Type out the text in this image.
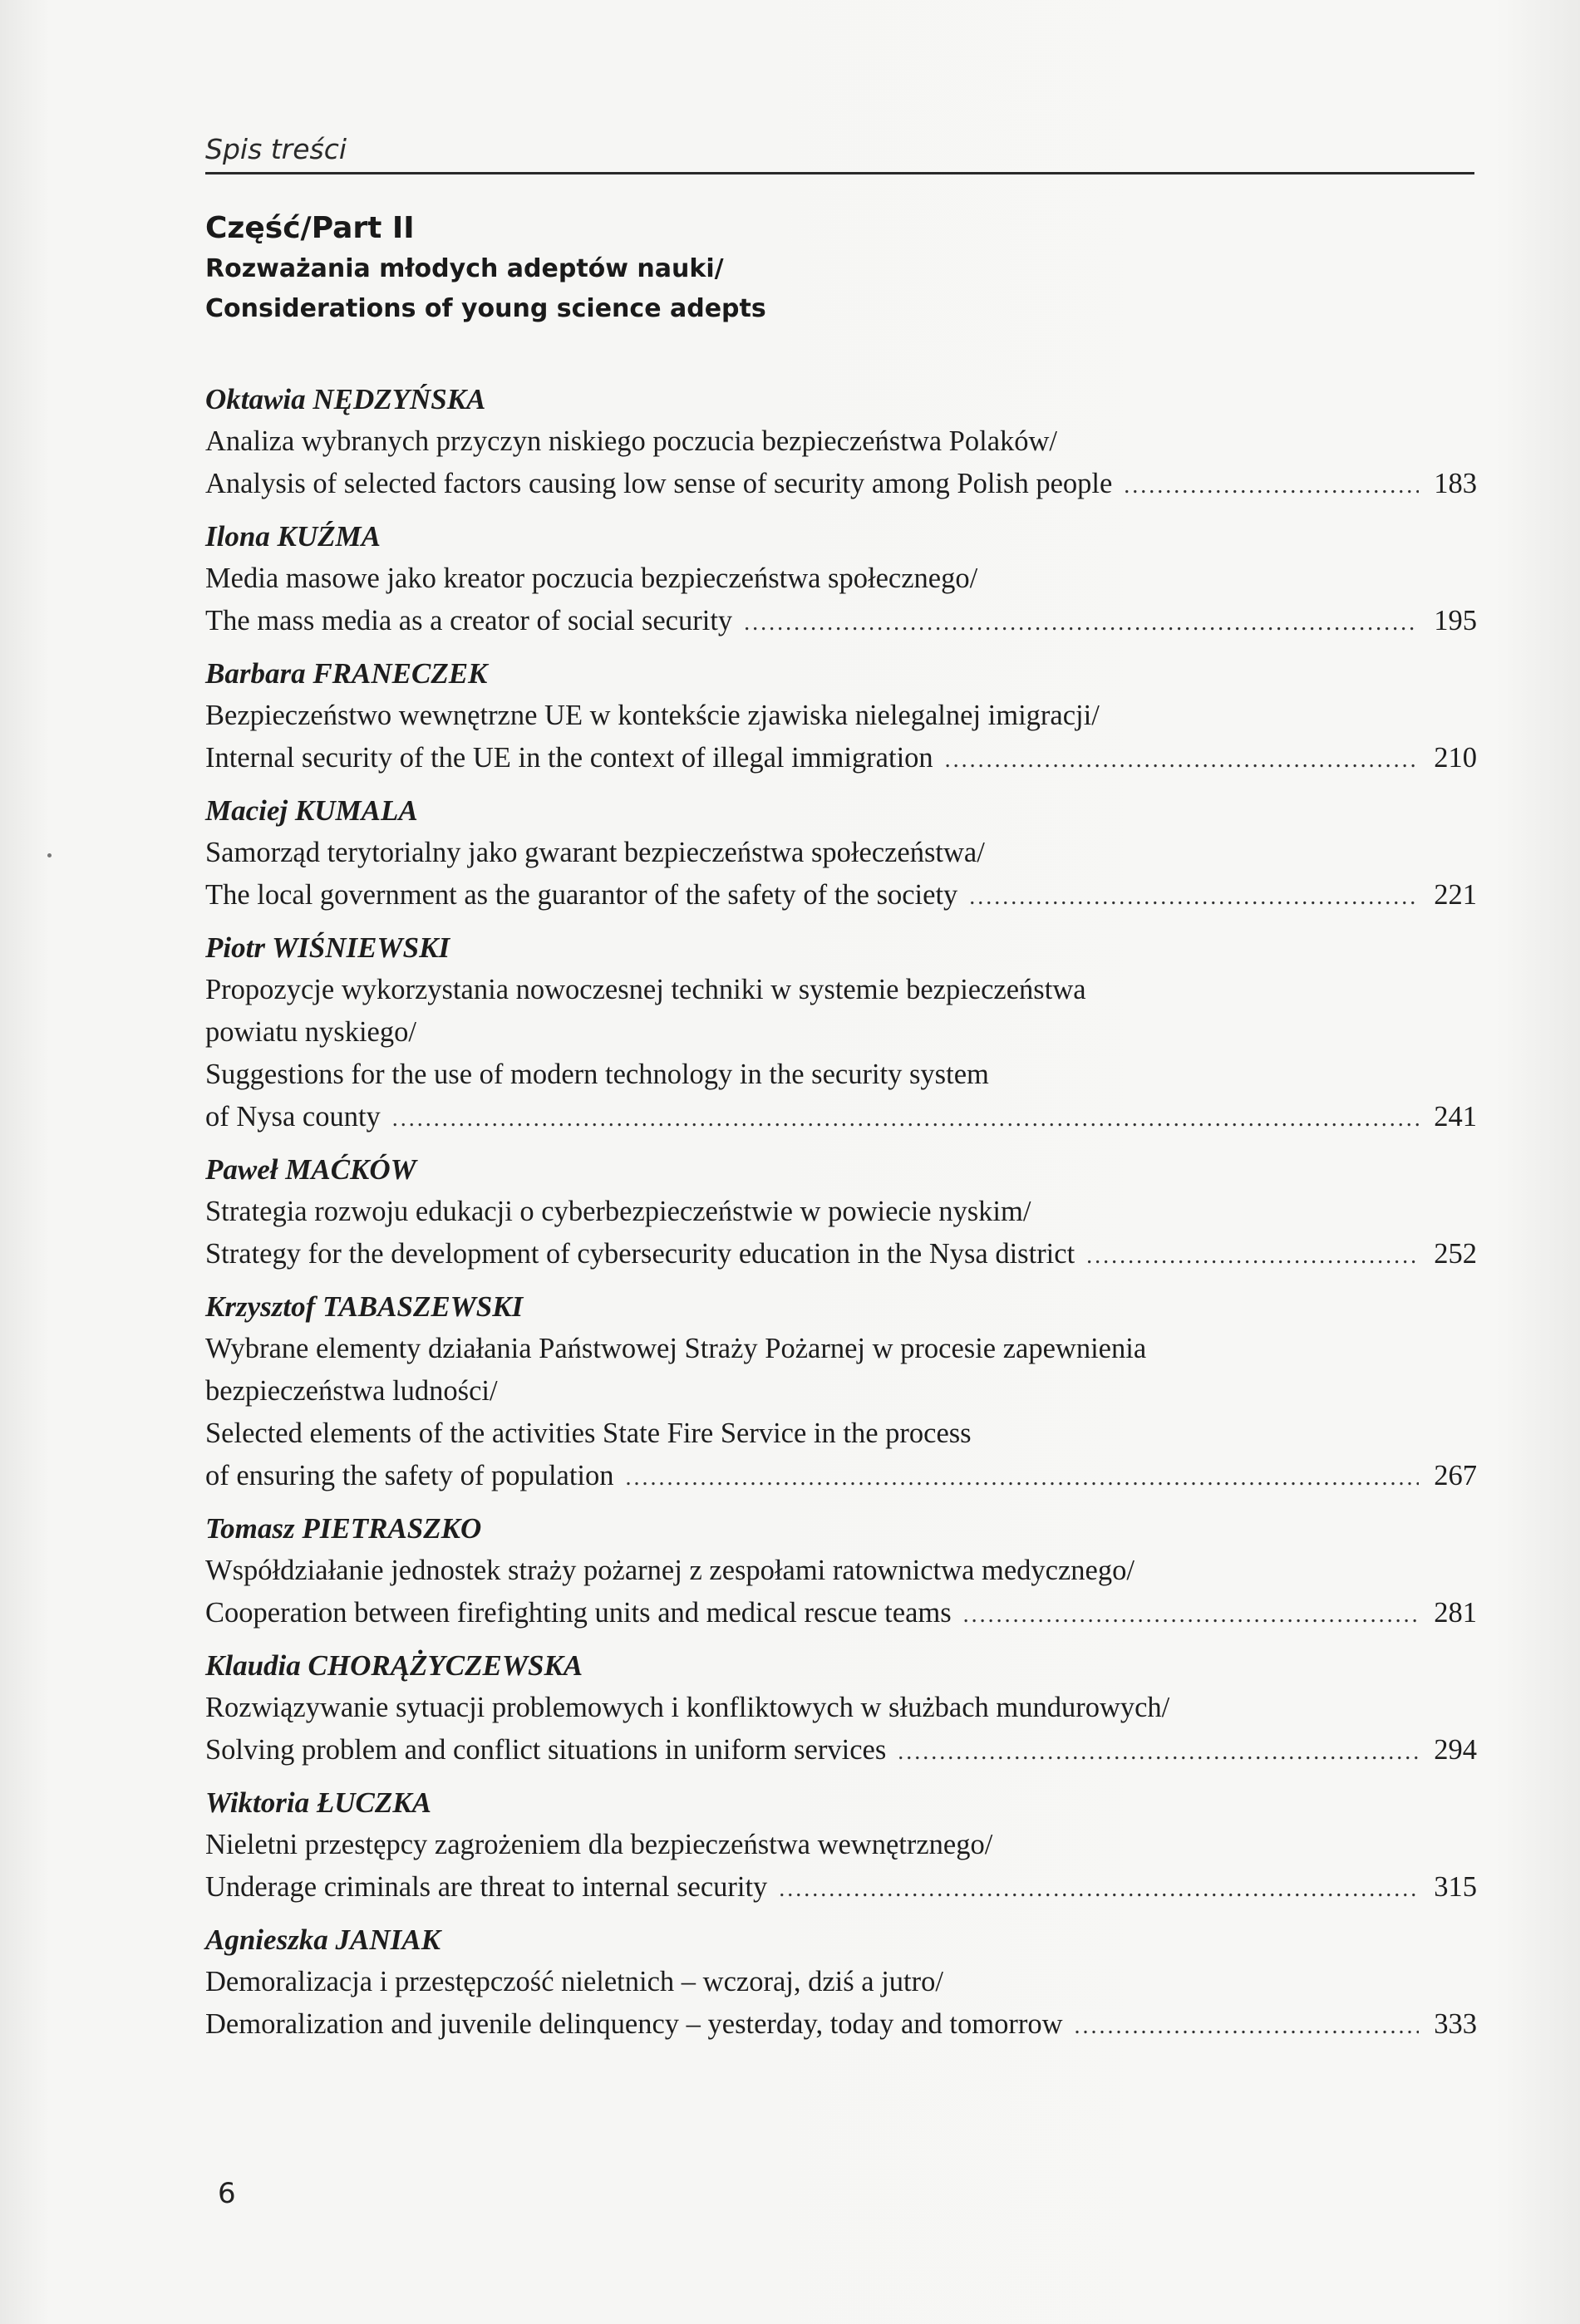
Spis treści
Część/Part II
Rozważania młodych adeptów nauki/
Considerations of young science adepts
Oktawia NĘDZYŃSKA
Analiza wybranych przyczyn niskiego poczucia bezpieczeństwa Polaków/
Analysis of selected factors causing low sense of security among Polish people .....	183
Ilona KUŹMA
Media masowe jako kreator poczucia bezpieczeństwa społecznego/
The mass media as a creator of social security .....	195
Barbara FRANECZEK
Bezpieczeństwo wewnętrzne UE w kontekście zjawiska nielegalnej imigracji/
Internal security of the UE in the context of illegal immigration .....	210
Maciej KUMALA
Samorząd terytorialny jako gwarant bezpieczeństwa społeczeństwa/
The local government as the guarantor of the safety of the society .....	221
Piotr WIŚNIEWSKI
Propozycje wykorzystania nowoczesnej techniki w systemie bezpieczeństwa
powiatu nyskiego/
Suggestions for the use of modern technology in the security system
of Nysa county .....	241
Paweł MAĆKÓW
Strategia rozwoju edukacji o cyberbezpieczeństwie w powiecie nyskim/
Strategy for the development of cybersecurity education in the Nysa district .....	252
Krzysztof TABASZEWSKI
Wybrane elementy działania Państwowej Straży Pożarnej w procesie zapewnienia
bezpieczeństwa ludności/
Selected elements of the activities State Fire Service in the process
of ensuring the safety of population .....	267
Tomasz PIETRASZKO
Współdziałanie jednostek straży pożarnej z zespołami ratownictwa medycznego/
Cooperation between firefighting units and medical rescue teams .....	281
Klaudia CHORĄŻYCZEWSKA
Rozwiązywanie sytuacji problemowych i konfliktowych w służbach mundurowych/
Solving problem and conflict situations in uniform services .....	294
Wiktoria ŁUCZKA
Nieletni przestępcy zagrożeniem dla bezpieczeństwa wewnętrznego/
Underage criminals are threat to internal security .....	315
Agnieszka JANIAK
Demoralizacja i przestępczość nieletnich – wczoraj, dziś a jutro/
Demoralization and juvenile delinquency – yesterday, today and tomorrow .....	333
6
